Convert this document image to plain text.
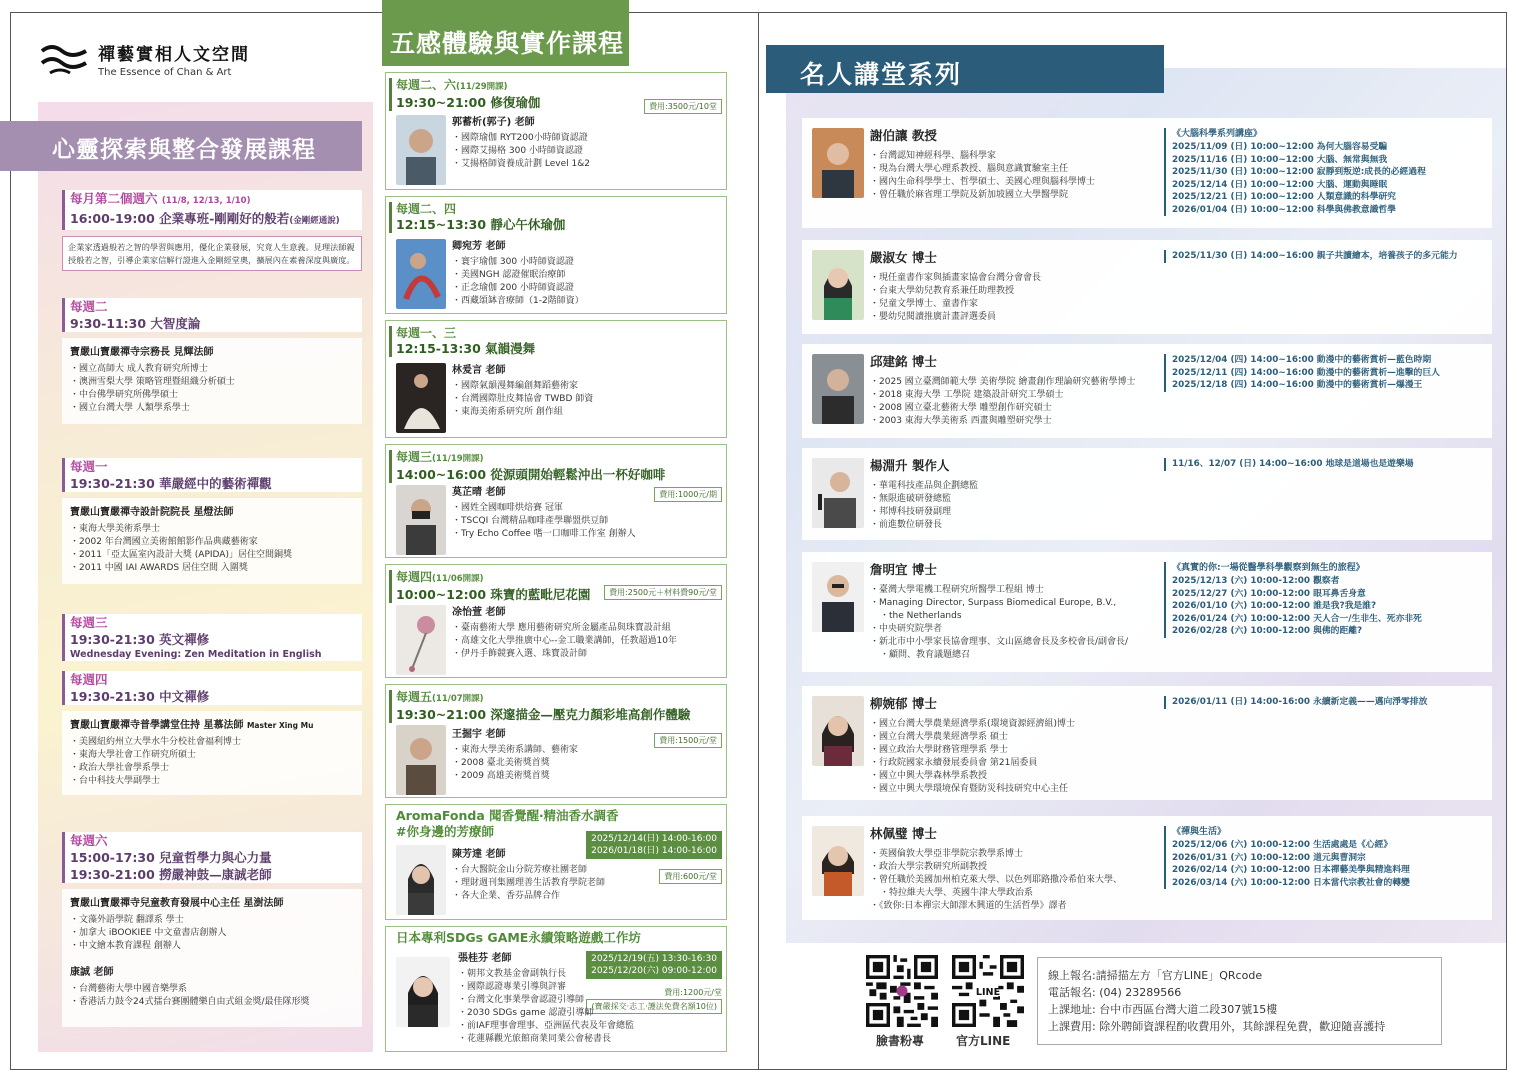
禪藝實相人文空間
The Essence of Chan & Art
心靈探索與整合發展課程
每月第二個週六 (11/8, 12/13, 1/10)
16:00-19:00 企業專班-剛剛好的般若(金剛經通說)
企業家透過般若之智的學習與應用，優化企業發展，究竟人生意義。見理法師親授般若之智，引導企業家信解行證進入金剛經堂奧，擴展內在素養深度與廣度。
每週二
9:30-11:30 大智度論
寶嚴山寶嚴禪寺宗務長 見輝法師
・ 國立高師大 成人教育研究所博士
・ 澳洲雪梨大學 策略管理暨組織分析碩士
・ 中台佛學研究所佛學碩士
・ 國立台灣大學 人類學系學士
每週一
19:30-21:30 華嚴經中的藝術禪觀
寶嚴山寶嚴禪寺設計院院長 星燈法師
・ 東海大學美術系學士
・ 2002 年台灣國立美術館館影作品典藏藝術家
・ 2011「亞太區室內設計大獎 (APIDA)」居住空間銅獎
・ 2011 中國 IAI AWARDS 居住空間 入圍獎
每週三
19:30-21:30 英文禪修
Wednesday Evening: Zen Meditation in English
每週四
19:30-21:30 中文禪修
寶嚴山寶嚴禪寺普學講堂住持 星慕法師 Master Xing Mu
・ 美國紐約州立大學水牛分校社會福利博士
・ 東海大學社會工作研究所碩士
・ 政治大學社會學系學士
・ 台中科技大學副學士
每週六
15:00-17:30 兒童哲學力與心力量
19:30-21:00 撈嚴神鼓—康誠老師
寶嚴山寶嚴禪寺兒童教育發展中心主任 星澍法師
・ 文藻外語學院 翻譯系 學士
・ 加拿大 iBOOKIEE 中文童書店創辦人
・ 中文繪本教育課程 創辦人
康誠 老師
・ 台灣藝術大學中國音樂學系
・ 香港活力鼓令24式擂台賽團體樂自由式組金獎/最佳隊形獎
五感體驗與實作課程
每週二、六(11/29開課)
19:30~21:00 修復瑜伽	費用:3500元/10堂
郭蓄析(郭子) 老師
・ 國際瑜伽 RYT200小時師資認證
・ 國際艾揚格 300 小時師資認證
・ 艾揚格師資養成計劃 Level 1&2
每週二、四
12:15~13:30 靜心午休瑜伽
卿宛芳 老師
・ 寰宇瑜伽 300 小時師資認證
・ 美國NGH 認證催眠治療師
・ 正念瑜伽 200 小時師資認證
・ 西藏頌缽音療師（1-2階師資）
每週一、三
12:15-13:30 氣韻漫舞
林爰言 老師
・ 國際氣韻漫舞編創舞蹈藝術家
・ 台灣國際肚皮舞協會 TWBD 師資
・ 東海美術系研究所 創作組
每週三(11/19開課)
14:00~16:00 從源頭開始輕鬆沖出一杯好咖啡
費用:1000元/期
莫芷晴 老師
・ 國姓全國咖啡烘焙賽 冠軍
・ TSCQI 台灣精品咖啡產學聯盟烘豆師
・ Try Echo Coffee 嗜一口咖啡工作室 創辦人
每週四(11/06開課)
10:00~12:00 珠寶的藍毗尼花園	費用:2500元＋材料費90元/堂
凃怡萱 老師
・ 臺南藝術大學 應用藝術研究所金屬產品與珠寶設計組
・ 高雄文化大學推廣中心--金工職業講師，任教超過10年
・ 伊丹手飾競賽入選、珠寶設計師
每週五(11/07開課)
19:30~21:00 深邃描金—壓克力顏彩堆高創作體驗
費用:1500元/堂
王掘宇 老師
・ 東海大學美術系講師、藝術家
・ 2008 臺北美術獎首獎
・ 2009 高雄美術獎首獎
AromaFonda 聞香覺醒‧精油香水調香
#你身邊的芳療師	2025/12/14(日) 14:00-16:00
2026/01/18(日) 14:00-16:00
費用:600元/堂
陳芳達 老師
・ 台大醫院金山分院芳療社團老師
・ 理財週刊集團理善生活教育學院老師
・ 各大企業、香芬品牌合作
日本專利SDGs GAME永續策略遊戲工作坊
2025/12/19(五) 13:30-16:30
2025/12/20(六) 09:00-12:00
費用:1200元/堂
(寶嚴採交‧志工‧護法免費名額10位)
張桂芬 老師
・ 朝邦文教基金會副執行長
・ 國際認證專業引導與評審
・ 台灣文化事業學會認證引導師
・ 2030 SDGs game 認證引導師
・ 前IAF理事會理事、亞洲區代表及年會總監
・ 花蓮縣觀光旅館商業同業公會秘書長
名人講堂系列
謝伯讓 教授
・ 台灣認知神經科學、腦科學家
・ 現為台灣大學心理系教授、腦與意識實驗室主任
・ 國內生命科學學士、哲學碩士、美國心理與腦科學博士
・ 曾任職於麻省理工學院及新加坡國立大學醫學院
《大腦科學系列講座》
2025/11/09 (日) 10:00~12:00 為何大腦容易受騙
2025/11/16 (日) 10:00~12:00 大腦、無常與無我
2025/11/30 (日) 10:00~12:00 寂靜到叛逆:成長的必經過程
2025/12/14 (日) 10:00~12:00 大腦、運動與睡眠
2025/12/21 (日) 10:00~12:00 人類意識的科學研究
2026/01/04 (日) 10:00~12:00 科學與佛教意識哲學
嚴淑女 博士
・ 現任童書作家與插畫家協會台灣分會會長
・ 台東大學幼兒教育系兼任助理教授
・ 兒童文學博士、童書作家
・ 嬰幼兒閱讀推廣計畫評選委員
2025/11/30 (日) 14:00~16:00 親子共讀繪本，培養孩子的多元能力
邱建銘 博士
・ 2025 國立臺灣師範大學 美術學院 繪畫創作理論研究藝術學博士
・ 2018 東海大學 工學院 建築設計研究工學碩士
・ 2008 國立臺北藝術大學 雕塑創作研究碩士
・ 2003 東海大學美術系 西畫與雕塑研究學士
2025/12/04 (四) 14:00~16:00 動漫中的藝術賞析—藍色時期
2025/12/11 (四) 14:00~16:00 動漫中的藝術賞析—進擊的巨人
2025/12/18 (四) 14:00~16:00 動漫中的藝術賞析—爆漫王
楊淵升 製作人
・ 華電科技產品與企劃總監
・ 無限進破研發總監
・ 邦博科技研發副理
・ 前進數位研發長
11/16、12/07 (日) 14:00~16:00 地球是道場也是遊樂場
詹明宜 博士
・ 臺灣大學電機工程研究所醫學工程組 博士
・ Managing Director, Surpass Biomedical Europe, B.V.,
・ the Netherlands
・ 中央研究院學者
・ 新北市中小學家長協會理事、文山區總會長及多校會長/副會長/
・ 顧問、教育議題總召
《真實的你:一場從醫學科學觀察到無生的旅程》
2025/12/13 (六) 10:00-12:00 觀察者
2025/12/27 (六) 10:00-12:00 眼耳鼻舌身意
2026/01/10 (六) 10:00-12:00 誰是我?我是誰?
2026/01/24 (六) 10:00-12:00 天人合一/生非生、死亦非死
2026/02/28 (六) 10:00-12:00 與佛的距離?
柳婉郁 博士
・ 國立台灣大學農業經濟學系(環境資源經濟組)博士
・ 國立台灣大學農業經濟學系 碩士
・ 國立政治大學財務管理學系 學士
・ 行政院國家永續發展委員會 第21屆委員
・ 國立中興大學森林學系教授
・ 國立中興大學環境保育暨防災科技研究中心主任
2026/01/11 (日) 14:00-16:00 永續新定義——邁向淨零排放
林佩璧 博士
・ 英國倫敦大學亞非學院宗教學系博士
・ 政治大學宗教研究所副教授
・ 曾任職於美國加州柏克萊大學、以色列耶路撒冷希伯來大學、
・ 特拉維夫大學、英國牛津大學政治系
・ 《致你:日本禪宗大師澤木興道的生活哲學》譯者
《禪與生活》
2025/12/06 (六) 10:00-12:00 生活處處是《心經》
2026/01/31 (六) 10:00-12:00 道元與曹洞宗
2026/02/14 (六) 10:00-12:00 日本禪藝美學與精進料理
2026/03/14 (六) 10:00-12:00 日本當代宗教社會的轉變
臉書粉專
LINE
官方LINE
線上報名:請掃描左方「官方LINE」QRcode
電話報名: (04) 23289566
上課地址: 台中市西區台灣大道二段307號15樓
上課費用: 除外聘師資課程酌收費用外，其餘課程免費，歡迎隨喜護持
